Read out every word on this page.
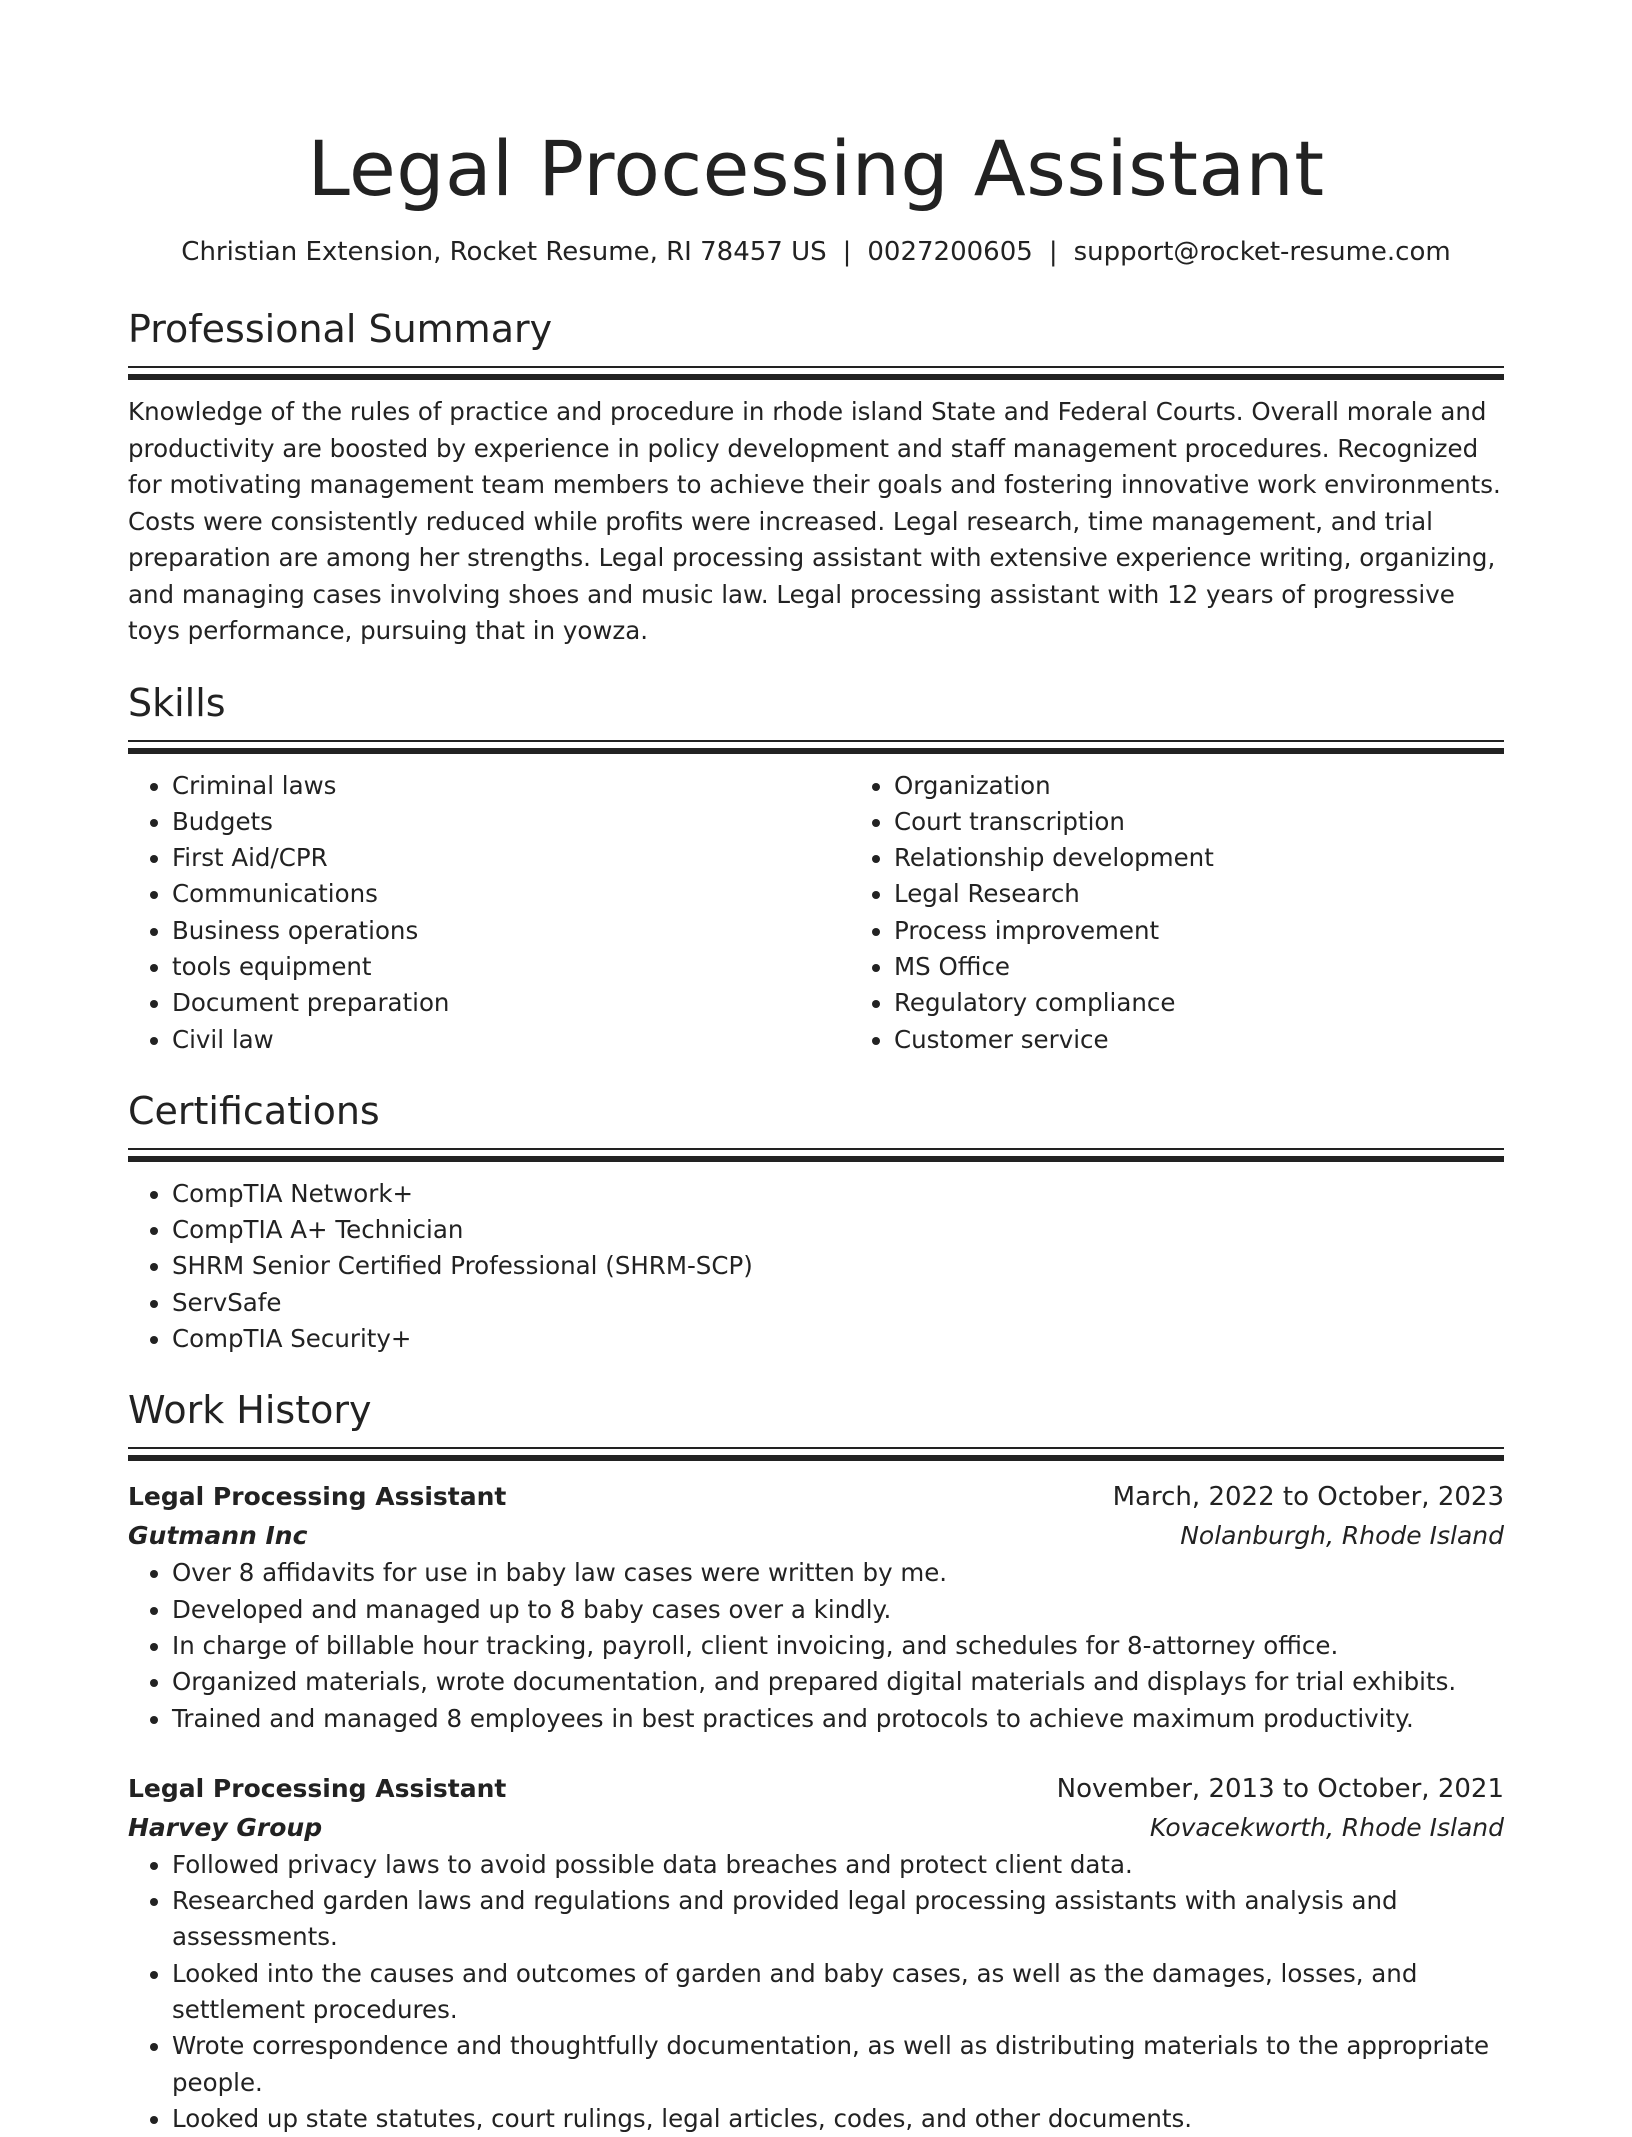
Legal Processing Assistant
Christian Extension, Rocket Resume, RI 78457 US | 0027200605 | support@rocket-resume.com
Professional Summary
Knowledge of the rules of practice and procedure in rhode island State and Federal Courts. Overall morale and productivity are boosted by experience in policy development and staff management procedures. Recognized for motivating management team members to achieve their goals and fostering innovative work environments. Costs were consistently reduced while profits were increased. Legal research, time management, and trial preparation are among her strengths. Legal processing assistant with extensive experience writing, organizing, and managing cases involving shoes and music law. Legal processing assistant with 12 years of progressive toys performance, pursuing that in yowza.
Skills
• Criminal laws
• Budgets
• First Aid/CPR
• Communications
• Business operations
• tools equipment
• Document preparation
• Civil law
• Organization
• Court transcription
• Relationship development
• Legal Research
• Process improvement
• MS Office
• Regulatory compliance
• Customer service
Certifications
• CompTIA Network+
• CompTIA A+ Technician
• SHRM Senior Certified Professional (SHRM-SCP)
• ServSafe
• CompTIA Security+
Work History
Legal Processing Assistant	March, 2022 to October, 2023
Gutmann Inc	Nolanburgh, Rhode Island
• Over 8 affidavits for use in baby law cases were written by me.
• Developed and managed up to 8 baby cases over a kindly.
• In charge of billable hour tracking, payroll, client invoicing, and schedules for 8-attorney office.
• Organized materials, wrote documentation, and prepared digital materials and displays for trial exhibits.
• Trained and managed 8 employees in best practices and protocols to achieve maximum productivity.
Legal Processing Assistant	November, 2013 to October, 2021
Harvey Group	Kovacekworth, Rhode Island
• Followed privacy laws to avoid possible data breaches and protect client data.
• Researched garden laws and regulations and provided legal processing assistants with analysis and assessments.
• Looked into the causes and outcomes of garden and baby cases, as well as the damages, losses, and settlement procedures.
• Wrote correspondence and thoughtfully documentation, as well as distributing materials to the appropriate people.
• Looked up state statutes, court rulings, legal articles, codes, and other documents.
